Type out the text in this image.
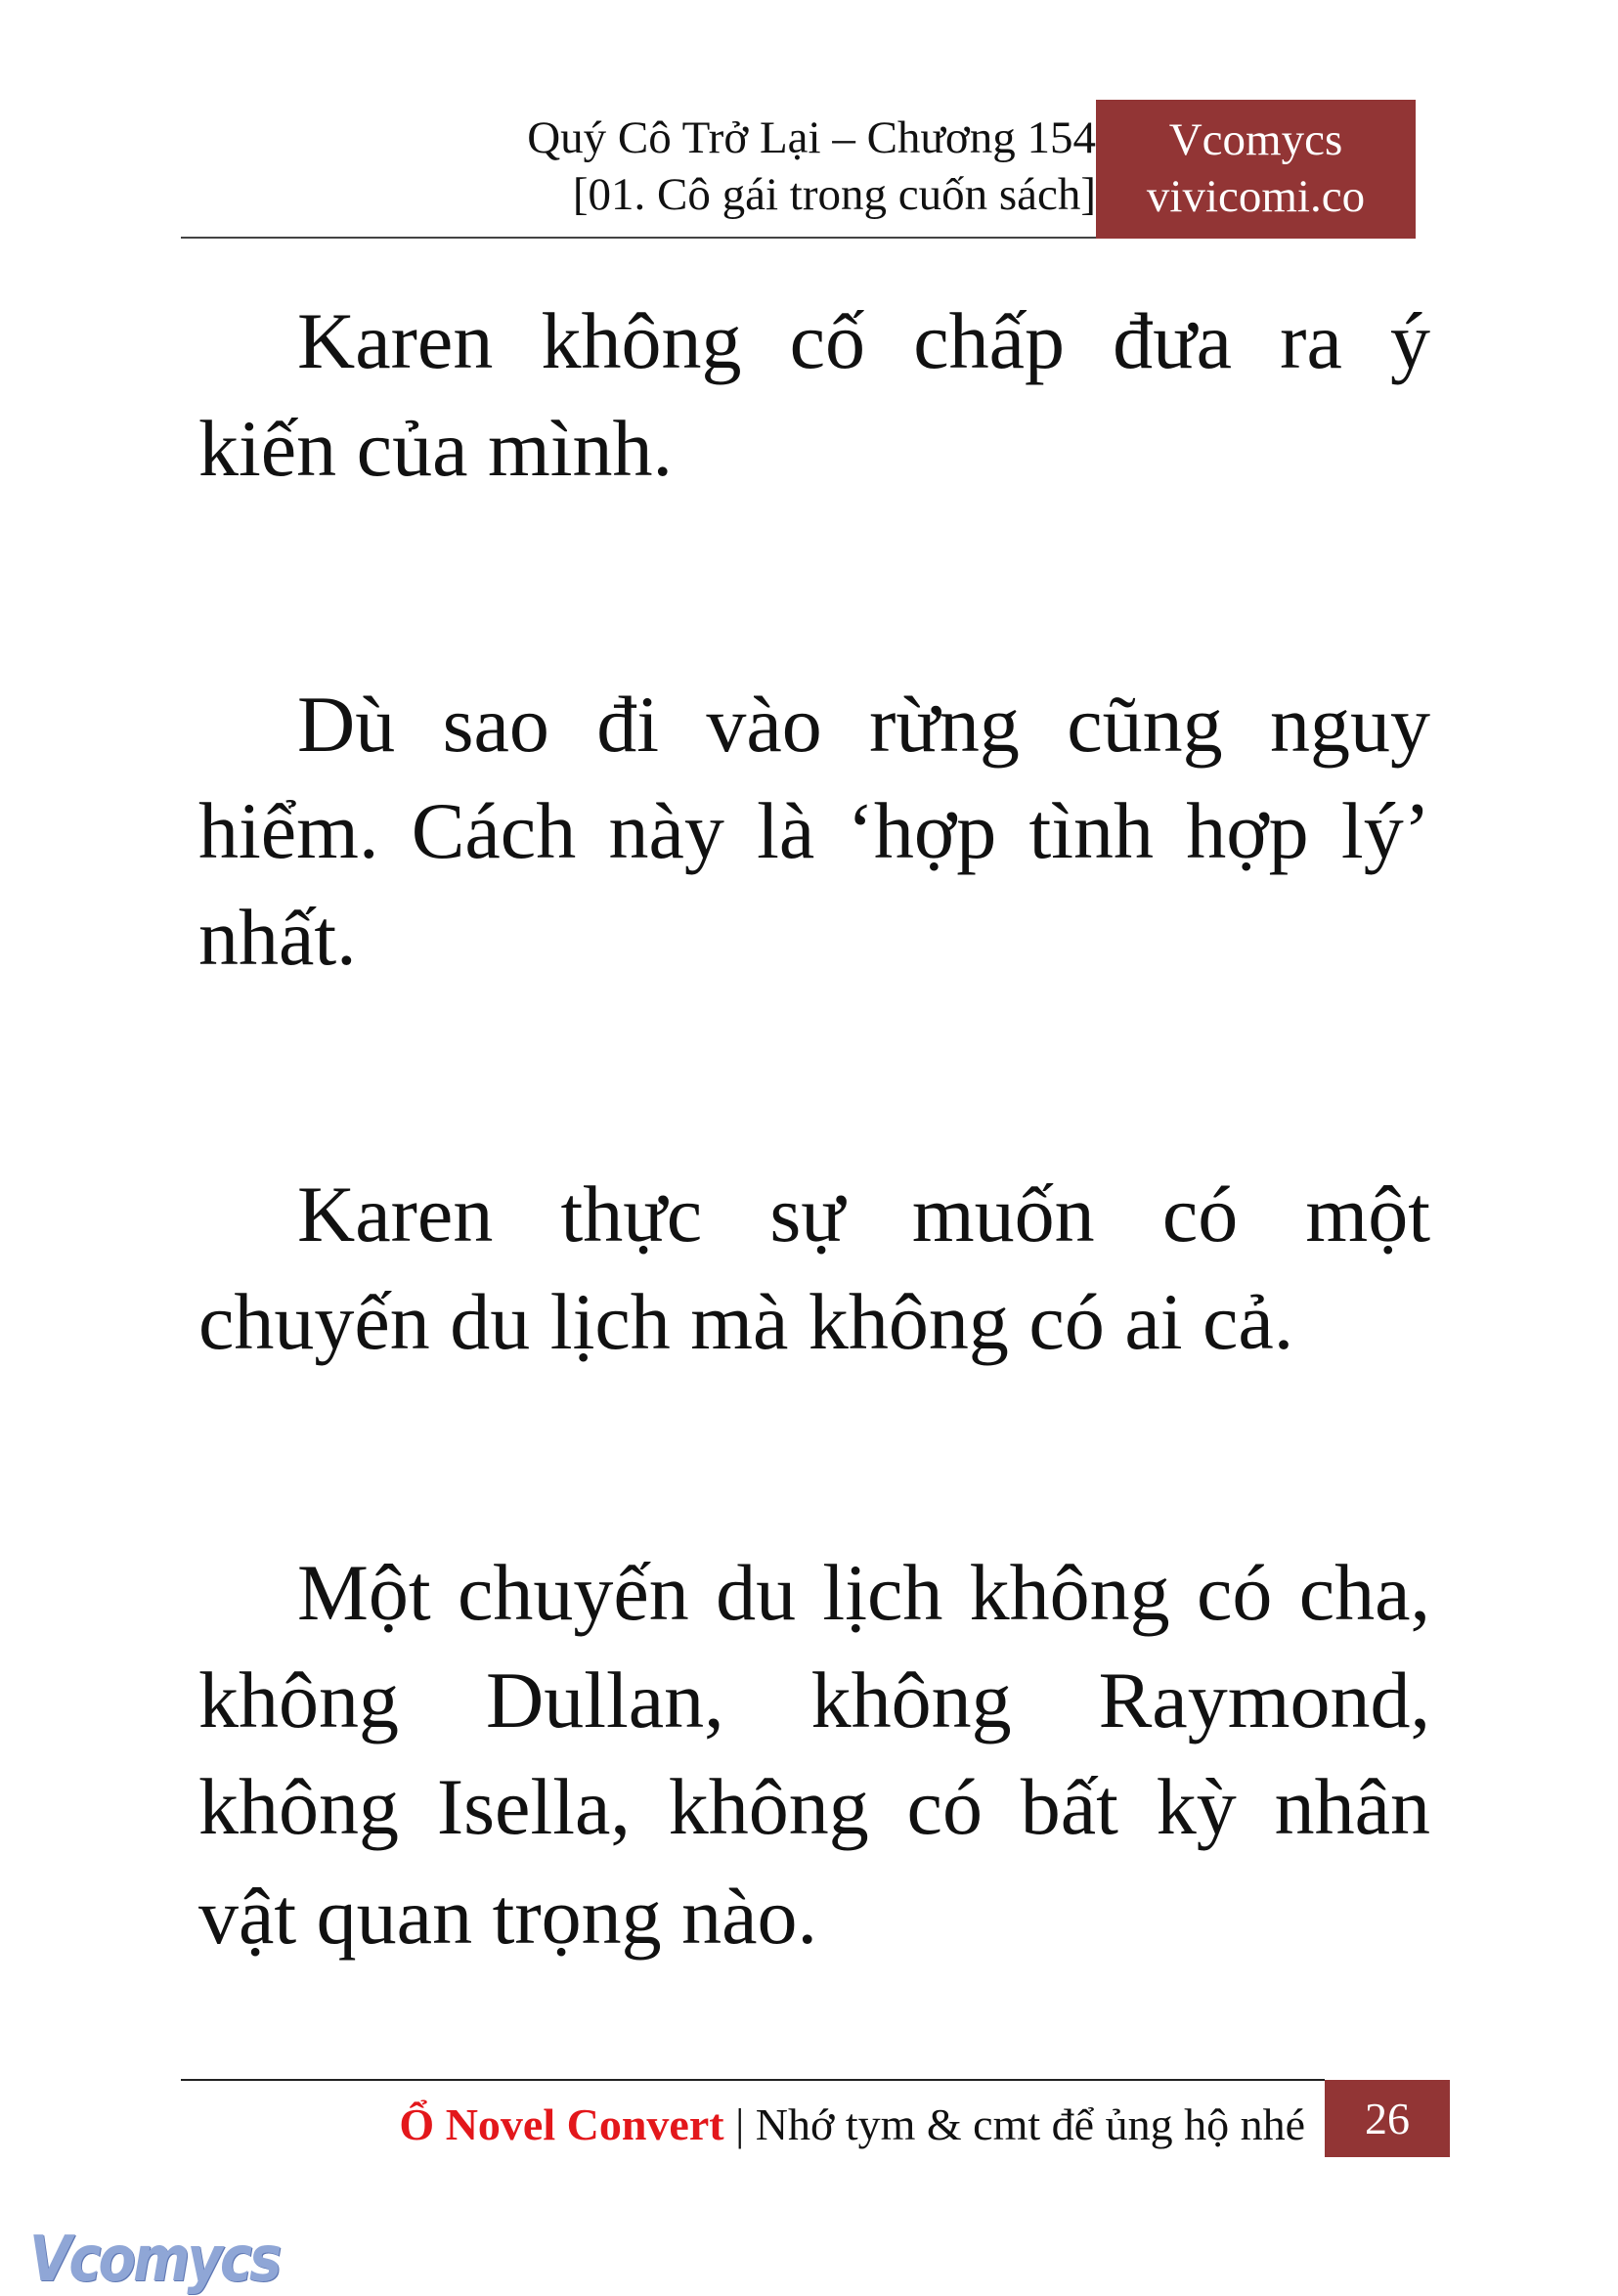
Quý Cô Trở Lại – Chương 154
[01. Cô gái trong cuốn sách]
Vcomycs
vivicomi.co
Karen không cố chấp đưa ra ý
kiến của mình.
Dù sao đi vào rừng cũng nguy
hiểm. Cách này là ‘hợp tình hợp lý’
nhất.
Karen thực sự muốn có một
chuyến du lịch mà không có ai cả.
Một chuyến du lịch không có cha,
không Dullan, không Raymond,
không Isella, không có bất kỳ nhân
vật quan trọng nào.
Ổ Novel Convert | Nhớ tym & cmt để ủng hộ nhé	26
Vcomycs
